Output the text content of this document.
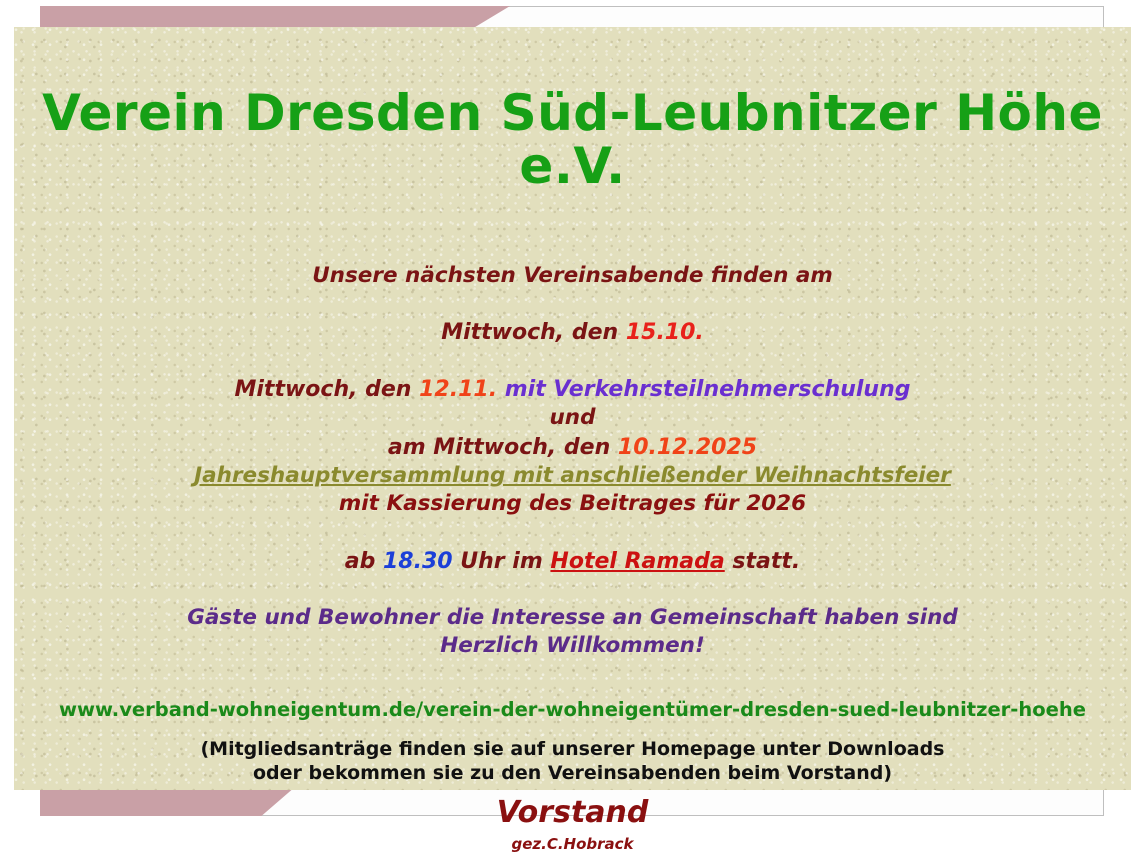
Verein Dresden Süd-Leubnitzer Höhe e.V.

Unsere nächsten Vereinsabende finden am

Mittwoch, den 15.10.

Mittwoch, den 12.11. mit Verkehrsteilnehmerschulung

und

am Mittwoch, den 10.12.2025

Jahreshauptversammlung mit anschließender Weihnachtsfeier

mit Kassierung des Beitrages für 2026

ab 18.30 Uhr im Hotel Ramada statt.

Gäste und Bewohner die Interesse an Gemeinschaft haben sind

Herzlich Willkommen!

www.verband-wohneigentum.de/verein-der-wohneigentümer-dresden-sued-leubnitzer-hoehe

(Mitgliedsanträge finden sie auf unserer Homepage unter Downloads

oder bekommen sie zu den Vereinsabenden beim Vorstand)

Vorstand

gez.C.Hobrack
